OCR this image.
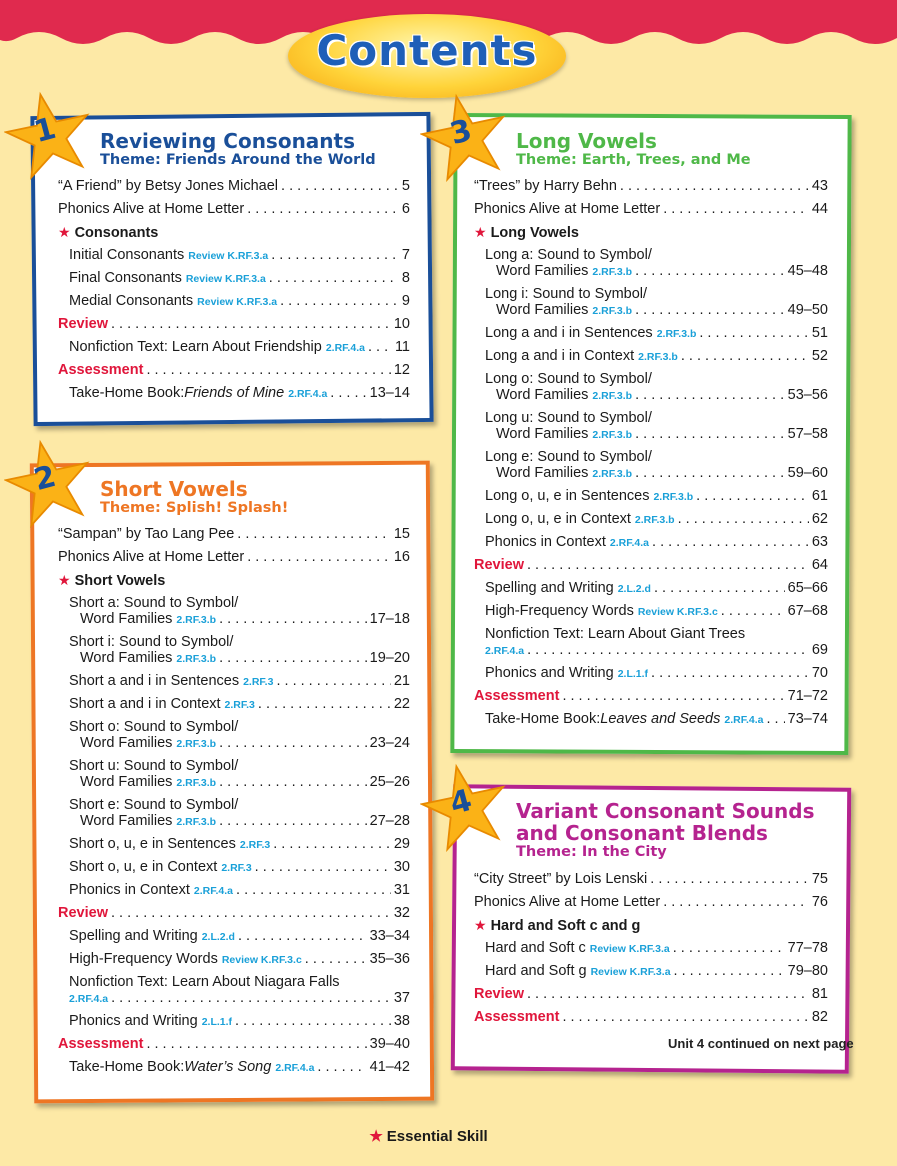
Contents
1
2
3
4
Reviewing Consonants
Theme: Friends Around the World
“A Friend” by Betsy Jones Michael . . .	5
Phonics Alive at Home Letter . . .	6
★ Consonants
Initial Consonants Review K.RF.3.a . . .	7
Final Consonants Review K.RF.3.a . . .	8
Medial Consonants Review K.RF.3.a . . .	9
Review . . .	10
Nonfiction Text: Learn About Friendship 2.RF.4.a . . . 11
Assessment . . .	12
Take-Home Book: Friends of Mine 2.RF.4.a . . .	13–14
Short Vowels
Theme: Splish! Splash!
“Sampan” by Tao Lang Pee . . .	15
Phonics Alive at Home Letter . . .	16
★ Short Vowels
Short a: Sound to Symbol/
Word Families 2.RF.3.b . . .	17–18
Short i: Sound to Symbol/
Word Families 2.RF.3.b . . .	19–20
Short a and i in Sentences 2.RF.3 . . .	21
Short a and i in Context 2.RF.3 . . .	22
Short o: Sound to Symbol/
Word Families 2.RF.3.b . . .	23–24
Short u: Sound to Symbol/
Word Families 2.RF.3.b . . .	25–26
Short e: Sound to Symbol/
Word Families 2.RF.3.b . . .	27–28
Short o, u, e in Sentences 2.RF.3 . . .	29
Short o, u, e in Context 2.RF.3 . . .	30
Phonics in Context 2.RF.4.a . . .	31
Review . . .	32
Spelling and Writing 2.L.2.d . . .	33–34
High-Frequency Words Review K.RF.3.c . . .	35–36
Nonfiction Text: Learn About Niagara Falls
2.RF.4.a . . .	37
Phonics and Writing 2.L.1.f . . .	38
Assessment . . .	39–40
Take-Home Book: Water’s Song 2.RF.4.a . . .	41–42
Long Vowels
Theme: Earth, Trees, and Me
“Trees” by Harry Behn . . .	43
Phonics Alive at Home Letter . . .	44
★ Long Vowels
Long a: Sound to Symbol/
Word Families 2.RF.3.b . . .	45–48
Long i: Sound to Symbol/
Word Families 2.RF.3.b . . .	49–50
Long a and i in Sentences 2.RF.3.b . . .	51
Long a and i in Context 2.RF.3.b . . .	52
Long o: Sound to Symbol/
Word Families 2.RF.3.b . . .	53–56
Long u: Sound to Symbol/
Word Families 2.RF.3.b . . .	57–58
Long e: Sound to Symbol/
Word Families 2.RF.3.b . . .	59–60
Long o, u, e in Sentences 2.RF.3.b . . .	61
Long o, u, e in Context 2.RF.3.b . . .	62
Phonics in Context 2.RF.4.a . . .	63
Review . . .	64
Spelling and Writing 2.L.2.d . . .	65–66
High-Frequency Words Review K.RF.3.c . . .	67–68
Nonfiction Text: Learn About Giant Trees
2.RF.4.a . . .	69
Phonics and Writing 2.L.1.f . . .	70
Assessment . . .	71–72
Take-Home Book: Leaves and Seeds 2.RF.4.a . . . 73–74
Variant Consonant Sounds
and Consonant Blends
Theme: In the City
“City Street” by Lois Lenski . . .	75
Phonics Alive at Home Letter . . .	76
★ Hard and Soft c and g
Hard and Soft c Review K.RF.3.a . . .	77–78
Hard and Soft g Review K.RF.3.a . . .	79–80
Review . . .	81
Assessment . . .	82
Unit 4 continued on next page
★ Essential Skill
